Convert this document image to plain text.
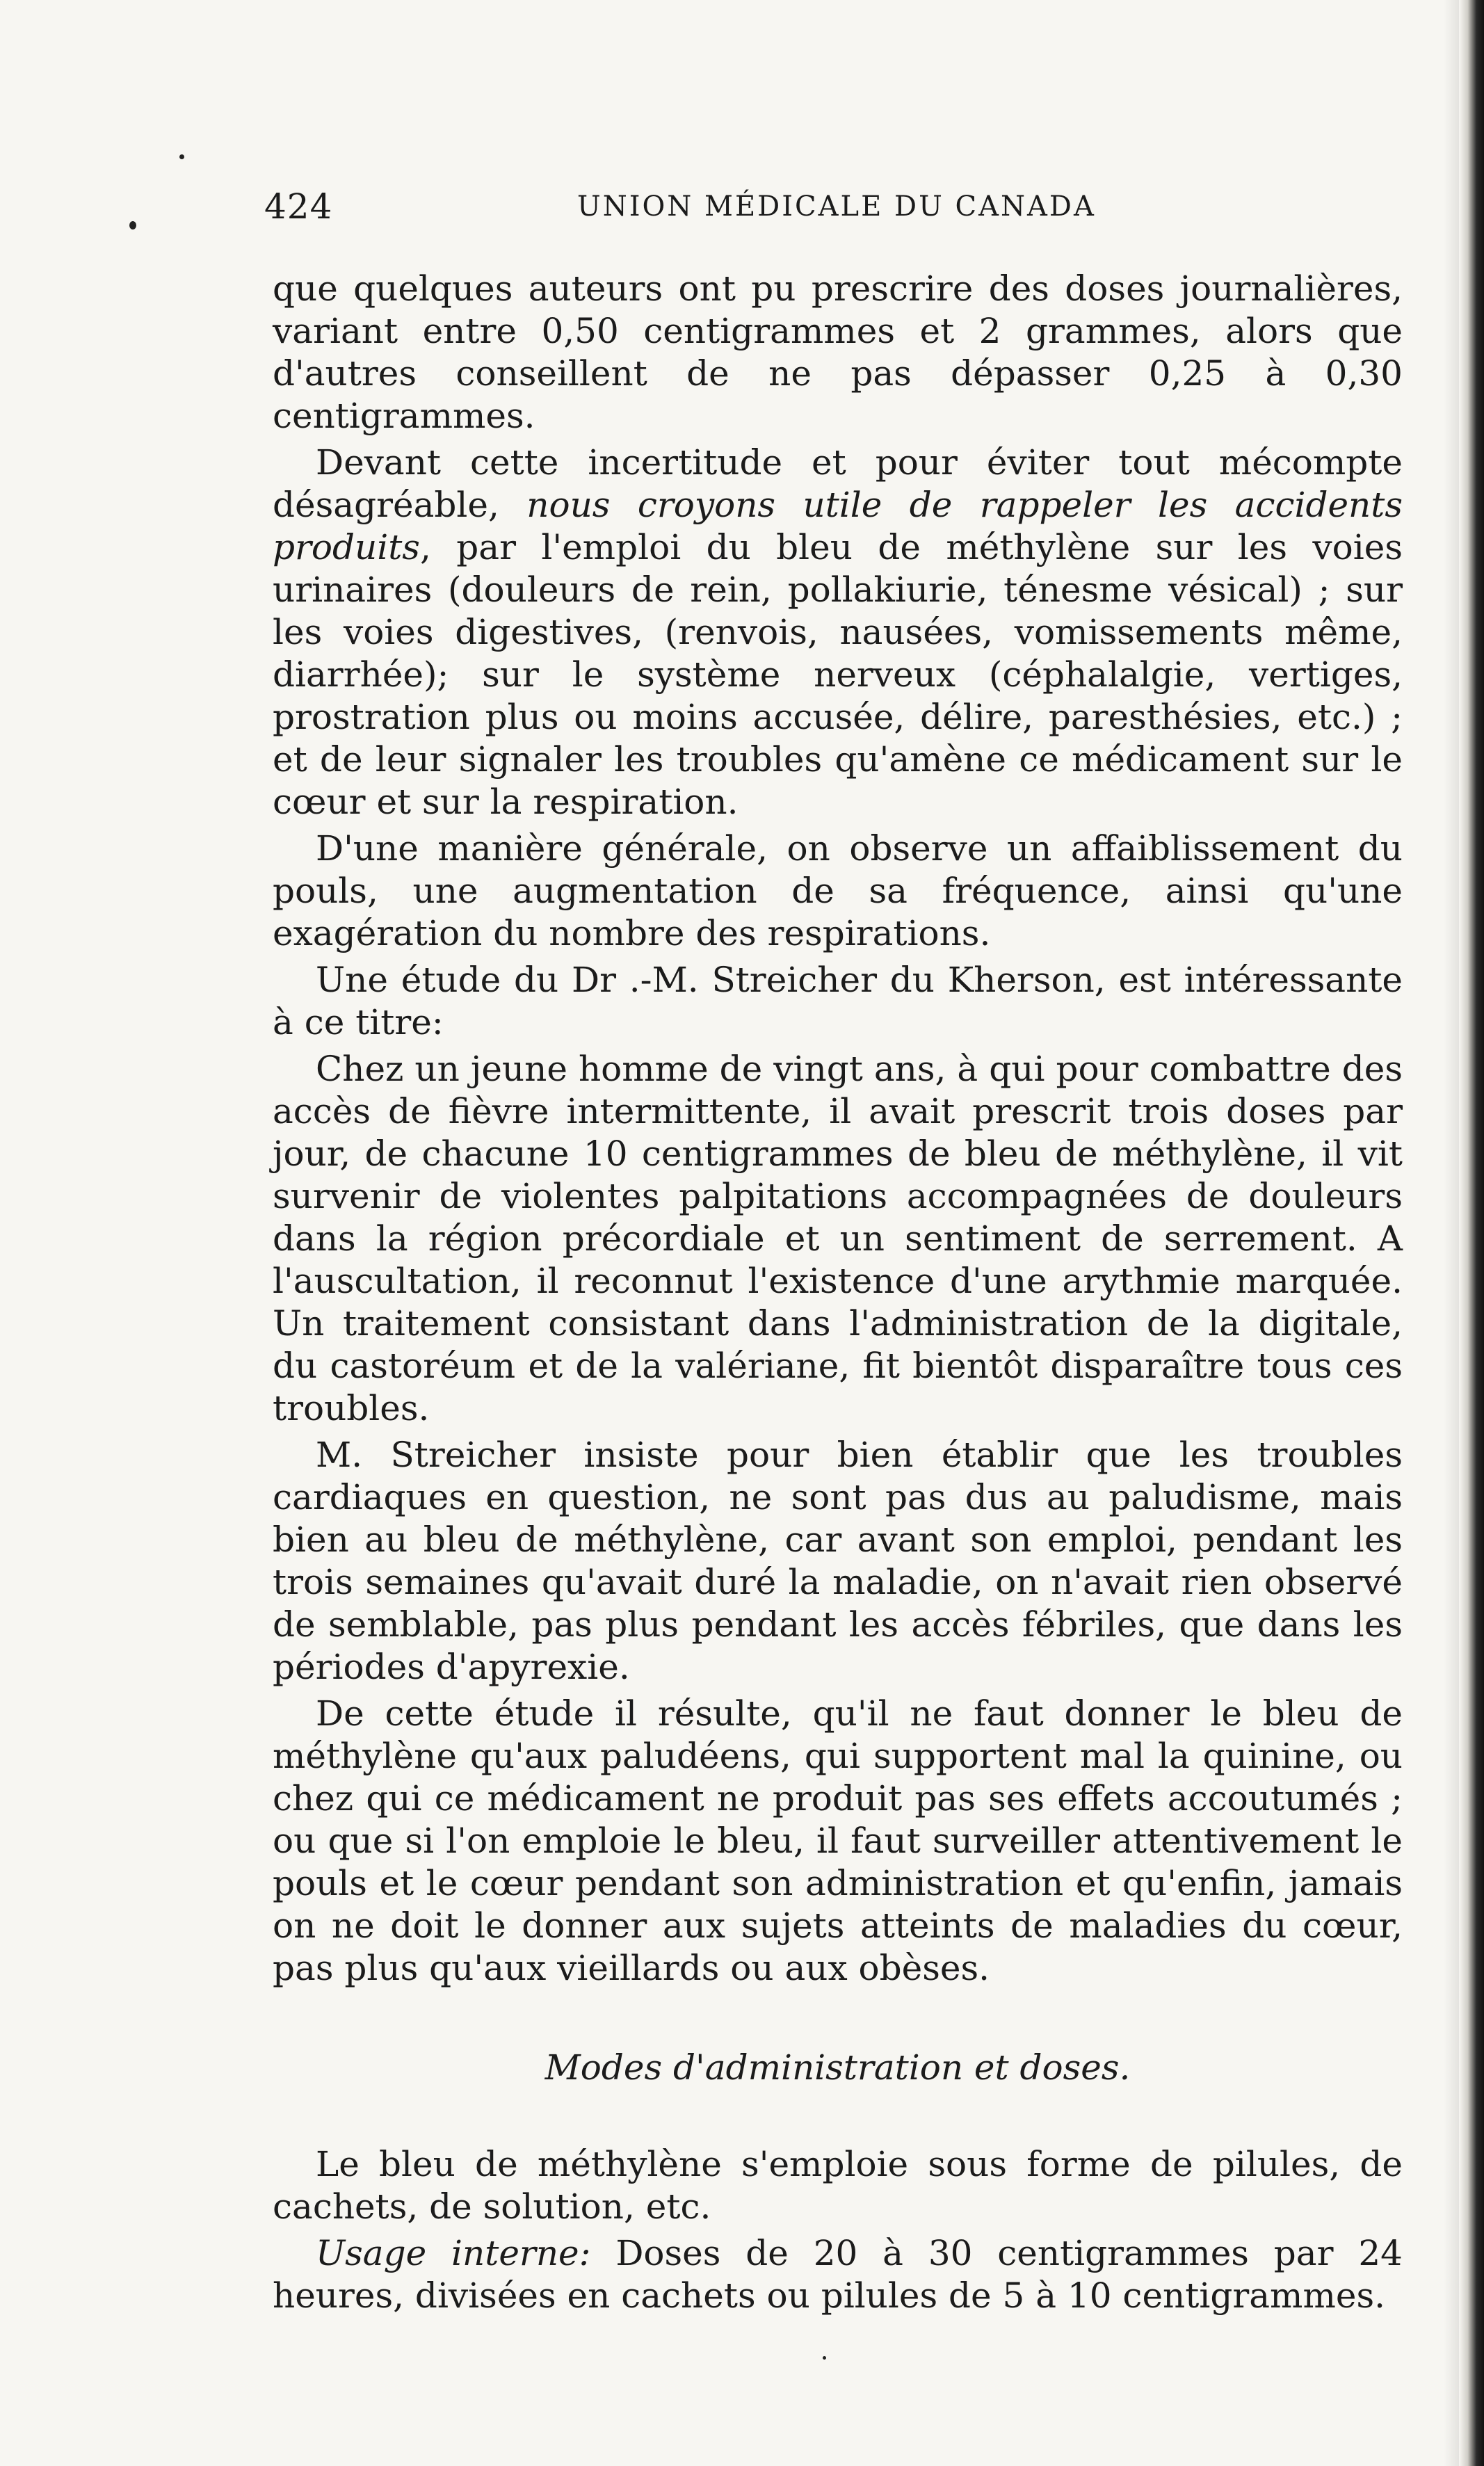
424	UNION MÉDICALE DU CANADA

que quelques auteurs ont pu prescrire des doses journalières, variant entre 0,50 centigrammes et 2 grammes, alors que d'autres conseillent de ne pas dépasser 0,25 à 0,30 centigrammes.

Devant cette incertitude et pour éviter tout mécompte désagréable, nous croyons utile de rappeler les accidents produits, par l'emploi du bleu de méthylène sur les voies urinaires (douleurs de rein, pollakiurie, ténesme vésical) ; sur les voies digestives, (renvois, nausées, vomissements même, diarrhée); sur le système nerveux (céphalalgie, vertiges, prostration plus ou moins accusée, délire, paresthésies, etc.) ; et de leur signaler les troubles qu'amène ce médicament sur le cœur et sur la respiration.

D'une manière générale, on observe un affaiblissement du pouls, une augmentation de sa fréquence, ainsi qu'une exagération du nombre des respirations.

Une étude du Dr .-M. Streicher du Kherson, est intéressante à ce titre:

Chez un jeune homme de vingt ans, à qui pour combattre des accès de fièvre intermittente, il avait prescrit trois doses par jour, de chacune 10 centigrammes de bleu de méthylène, il vit survenir de violentes palpitations accompagnées de douleurs dans la région précordiale et un sentiment de serrement. A l'auscultation, il reconnut l'existence d'une arythmie marquée. Un traitement consistant dans l'administration de la digitale, du castoréum et de la valériane, fit bientôt disparaître tous ces troubles.

M. Streicher insiste pour bien établir que les troubles cardiaques en question, ne sont pas dus au paludisme, mais bien au bleu de méthylène, car avant son emploi, pendant les trois semaines qu'avait duré la maladie, on n'avait rien observé de semblable, pas plus pendant les accès fébriles, que dans les périodes d'apyrexie.

De cette étude il résulte, qu'il ne faut donner le bleu de méthylène qu'aux paludéens, qui supportent mal la quinine, ou chez qui ce médicament ne produit pas ses effets accoutumés ; ou que si l'on emploie le bleu, il faut surveiller attentivement le pouls et le cœur pendant son administration et qu'enfin, jamais on ne doit le donner aux sujets atteints de maladies du cœur, pas plus qu'aux vieillards ou aux obèses.

Modes d'administration et doses.

Le bleu de méthylène s'emploie sous forme de pilules, de cachets, de solution, etc.

Usage interne: Doses de 20 à 30 centigrammes par 24 heures, divisées en cachets ou pilules de 5 à 10 centigrammes.
